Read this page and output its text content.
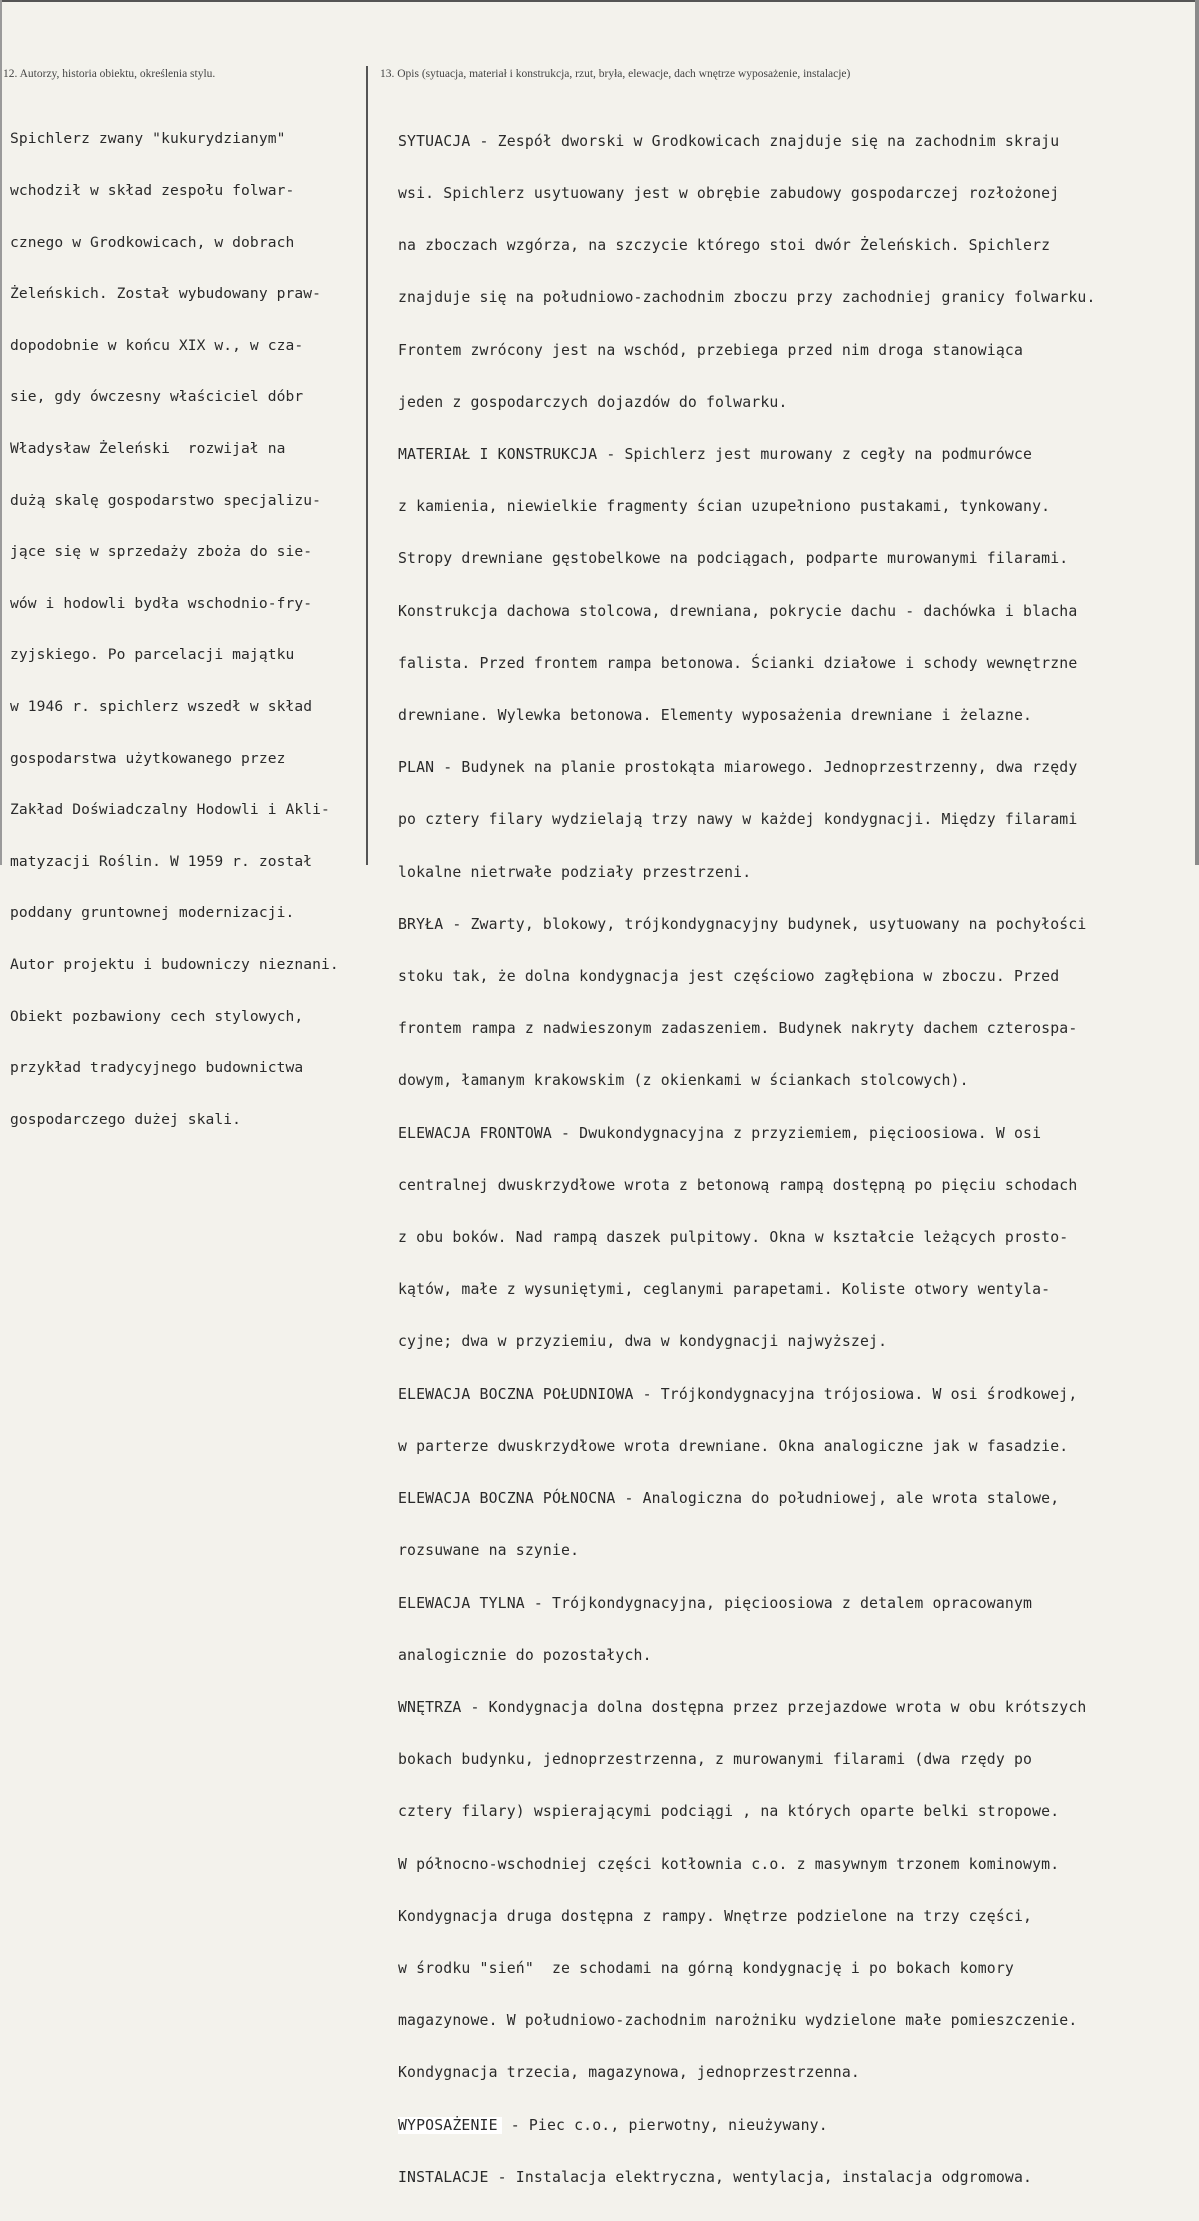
12. Autorzy, historia obiektu, określenia stylu.	13. Opis (sytuacja, materiał i konstrukcja, rzut, bryła, elewacje, dach wnętrze wyposażenie, instalacje)

Spichlerz zwany "kukurydzianym"

wchodził w skład zespołu folwar-

cznego w Grodkowicach, w dobrach

Żeleńskich. Został wybudowany praw-

dopodobnie w końcu XIX w., w cza-

sie, gdy ówczesny właściciel dóbr

Władysław Żeleński  rozwijał na

dużą skalę gospodarstwo specjalizu-

jące się w sprzedaży zboża do sie-

wów i hodowli bydła wschodnio-fry-

zyjskiego. Po parcelacji majątku

w 1946 r. spichlerz wszedł w skład

gospodarstwa użytkowanego przez

Zakład Doświadczalny Hodowli i Akli-

matyzacji Roślin. W 1959 r. został

poddany gruntownej modernizacji.

Autor projektu i budowniczy nieznani.

Obiekt pozbawiony cech stylowych,

przykład tradycyjnego budownictwa

gospodarczego dużej skali.

SYTUACJA - Zespół dworski w Grodkowicach znajduje się na zachodnim skraju

wsi. Spichlerz usytuowany jest w obrębie zabudowy gospodarczej rozłożonej

na zboczach wzgórza, na szczycie którego stoi dwór Żeleńskich. Spichlerz

znajduje się na południowo-zachodnim zboczu przy zachodniej granicy folwarku.

Frontem zwrócony jest na wschód, przebiega przed nim droga stanowiąca

jeden z gospodarczych dojazdów do folwarku.

MATERIAŁ I KONSTRUKCJA - Spichlerz jest murowany z cegły na podmurówce

z kamienia, niewielkie fragmenty ścian uzupełniono pustakami, tynkowany.

Stropy drewniane gęstobelkowe na podciągach, podparte murowanymi filarami.

Konstrukcja dachowa stolcowa, drewniana, pokrycie dachu - dachówka i blacha

falista. Przed frontem rampa betonowa. Ścianki działowe i schody wewnętrzne

drewniane. Wylewka betonowa. Elementy wyposażenia drewniane i żelazne.

PLAN - Budynek na planie prostokąta miarowego. Jednoprzestrzenny, dwa rzędy

po cztery filary wydzielają trzy nawy w każdej kondygnacji. Między filarami

lokalne nietrwałe podziały przestrzeni.

BRYŁA - Zwarty, blokowy, trójkondygnacyjny budynek, usytuowany na pochyłości

stoku tak, że dolna kondygnacja jest częściowo zagłębiona w zboczu. Przed

frontem rampa z nadwieszonym zadaszeniem. Budynek nakryty dachem czterospa-

dowym, łamanym krakowskim (z okienkami w ściankach stolcowych).

ELEWACJA FRONTOWA - Dwukondygnacyjna z przyziemiem, pięcioosiowa. W osi

centralnej dwuskrzydłowe wrota z betonową rampą dostępną po pięciu schodach

z obu boków. Nad rampą daszek pulpitowy. Okna w kształcie leżących prosto-

kątów, małe z wysuniętymi, ceglanymi parapetami. Koliste otwory wentyla-

cyjne; dwa w przyziemiu, dwa w kondygnacji najwyższej.

ELEWACJA BOCZNA POŁUDNIOWA - Trójkondygnacyjna trójosiowa. W osi środkowej,

w parterze dwuskrzydłowe wrota drewniane. Okna analogiczne jak w fasadzie.

ELEWACJA BOCZNA PÓŁNOCNA - Analogiczna do południowej, ale wrota stalowe,

rozsuwane na szynie.

ELEWACJA TYLNA - Trójkondygnacyjna, pięcioosiowa z detalem opracowanym

analogicznie do pozostałych.

WNĘTRZA - Kondygnacja dolna dostępna przez przejazdowe wrota w obu krótszych

bokach budynku, jednoprzestrzenna, z murowanymi filarami (dwa rzędy po

cztery filary) wspierającymi podciągi , na których oparte belki stropowe.

W północno-wschodniej części kotłownia c.o. z masywnym trzonem kominowym.

Kondygnacja druga dostępna z rampy. Wnętrze podzielone na trzy części,

w środku "sień"  ze schodami na górną kondygnację i po bokach komory

magazynowe. W południowo-zachodnim narożniku wydzielone małe pomieszczenie.

Kondygnacja trzecia, magazynowa, jednoprzestrzenna.

WYPOSAŻENIE - Piec c.o., pierwotny, nieużywany.

INSTALACJE - Instalacja elektryczna, wentylacja, instalacja odgromowa.
